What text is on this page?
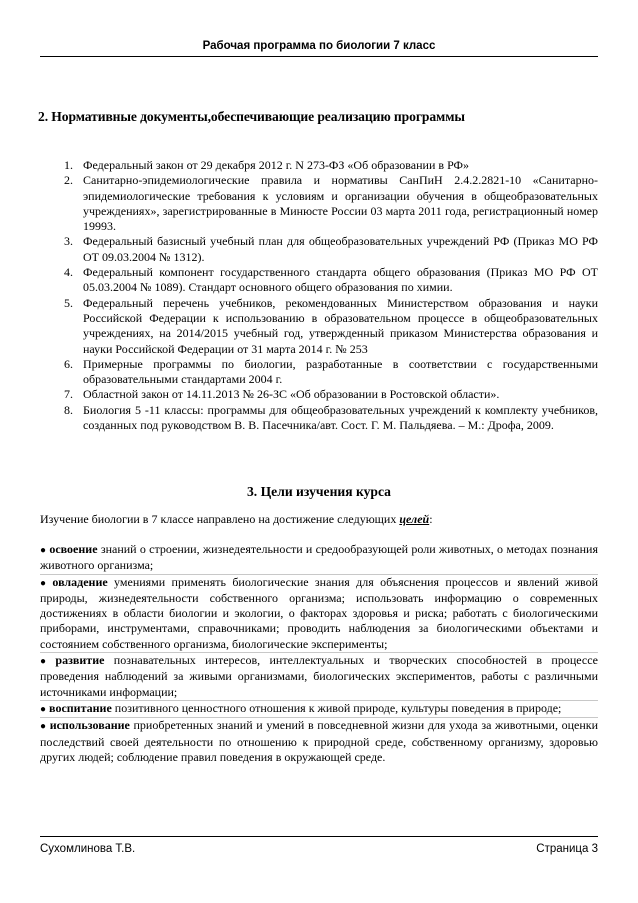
Рабочая программа по биологии 7 класс
2. Нормативные документы,обеспечивающие реализацию программы
1. Федеральный закон от 29 декабря 2012 г. N 273-ФЗ «Об образовании в РФ»
2. Санитарно-эпидемиологические правила и нормативы СанПиН 2.4.2.2821-10 «Санитарно-эпидемиологические требования к условиям и организации обучения в общеобразовательных учреждениях», зарегистрированные в Минюсте России 03 марта 2011 года, регистрационный номер 19993.
3. Федеральный базисный учебный план для общеобразовательных учреждений РФ (Приказ МО РФ ОТ 09.03.2004 № 1312).
4. Федеральный компонент государственного стандарта общего образования (Приказ МО РФ ОТ 05.03.2004 № 1089). Стандарт основного общего образования по химии.
5. Федеральный перечень учебников, рекомендованных Министерством образования и науки Российской Федерации к использованию в образовательном процессе в общеобразовательных учреждениях, на 2014/2015 учебный год, утвержденный приказом Министерства образования и науки Российской Федерации от 31 марта 2014 г. № 253
6. Примерные программы по биологии, разработанные в соответствии с государственными образовательными стандартами 2004 г.
7. Областной закон от 14.11.2013 № 26-ЗС «Об образовании в Ростовской области».
8. Биология 5 -11 классы: программы для общеобразовательных учреждений к комплекту учебников, созданных под руководством В. В. Пасечника/авт. Сост. Г. М. Пальдяева. – М.: Дрофа, 2009.
3. Цели изучения курса
Изучение биологии в 7 классе направлено на достижение следующих целей:
● освоение знаний о строении, жизнедеятельности и средообразующей роли животных, о методах познания животного организма;
● овладение умениями применять биологические знания для объяснения процессов и явлений живой природы, жизнедеятельности собственного организма; использовать информацию о современных достижениях в области биологии и экологии, о факторах здоровья и риска; работать с биологическими приборами, инструментами, справочниками; проводить наблюдения за биологическими объектами и состоянием собственного организма, биологические эксперименты;
● развитие познавательных интересов, интеллектуальных и творческих способностей в процессе проведения наблюдений за живыми организмами, биологических экспериментов, работы с различными источниками информации;
● воспитание позитивного ценностного отношения к живой природе, культуры поведения в природе;
● использование приобретенных знаний и умений в повседневной жизни для ухода за животными, оценки последствий своей деятельности по отношению к природной среде, собственному организму, здоровью других людей; соблюдение правил поведения в окружающей среде.
Сухомлинова Т.В.	Страница 3
